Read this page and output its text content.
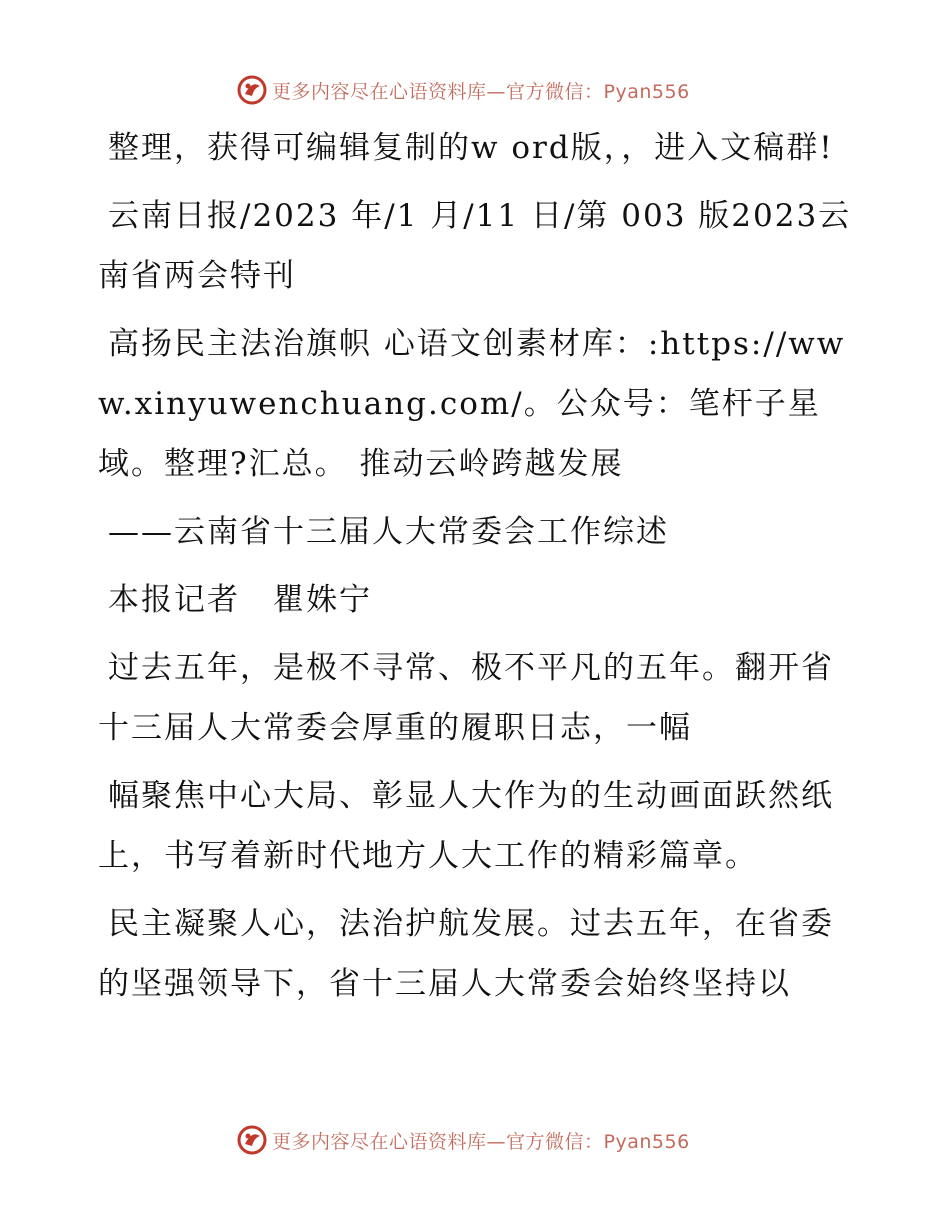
更多内容尽在心语资料库—官方微信：Pyan556

整理，获得可编辑复制的w ord版，，进入文稿群!

云南日报/2023 年/1 月/11 日/第 003 版2023云南省两会特刊

高扬民主法治旗帜 心语文创素材库：:https://www.xinyuwenchuang.com/。公众号：笔杆子星域。整理?汇总。 推动云岭跨越发展

——云南省十三届人大常委会工作综述

本报记者　瞿姝宁

过去五年，是极不寻常、极不平凡的五年。翻开省十三届人大常委会厚重的履职日志，一幅

幅聚焦中心大局、彰显人大作为的生动画面跃然纸上，书写着新时代地方人大工作的精彩篇章。

民主凝聚人心，法治护航发展。过去五年，在省委的坚强领导下，省十三届人大常委会始终坚持以

更多内容尽在心语资料库—官方微信：Pyan556
